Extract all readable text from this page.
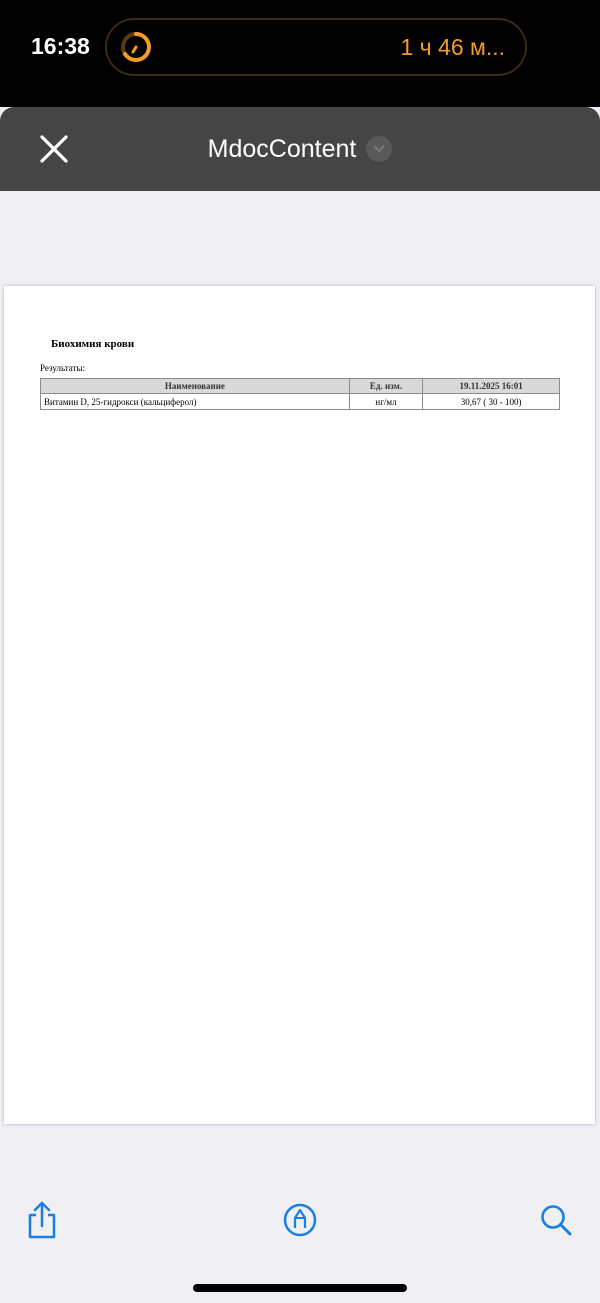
16:38	1 ч 46 м...
MdocContent
Биохимия крови
Результаты:
Наименование	Ед. изм.	19.11.2025 16:01
Витамин D, 25-гидрокси (кальциферол)	нг/мл	30,67 ( 30 - 100)
